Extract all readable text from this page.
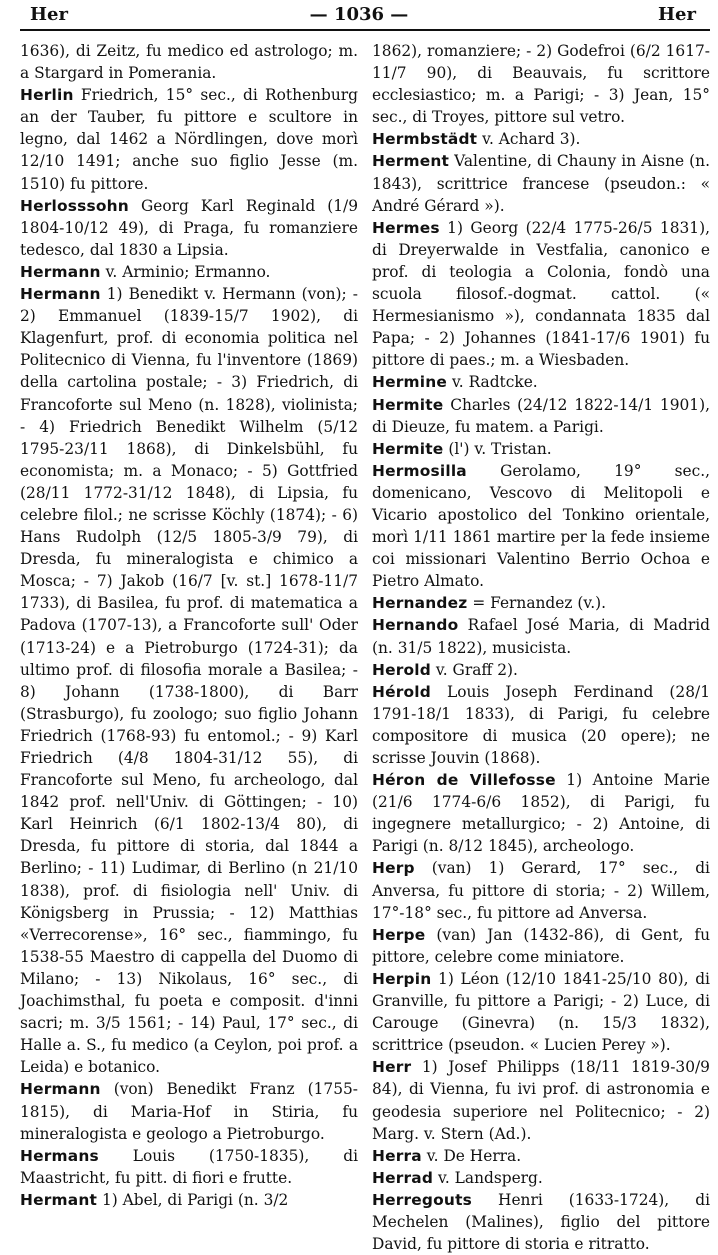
Her	— 1036 —	Her

1636), di Zeitz, fu medico ed astrologo; m. a Stargard in Pomerania.

Herlin Friedrich, 15° sec., di Rothenburg an der Tauber, fu pittore e scultore in legno, dal 1462 a Nördlingen, dove morì 12/10 1491; anche suo figlio Jesse (m. 1510) fu pittore.

Herlosssohn Georg Karl Reginald (1/9 1804-10/12 49), di Praga, fu romanziere tedesco, dal 1830 a Lipsia.

Hermann v. Arminio; Ermanno.

Hermann 1) Benedikt v. Hermann (von); - 2) Emmanuel (1839-15/7 1902), di Klagenfurt, prof. di economia politica nel Politecnico di Vienna, fu l'inventore (1869) della cartolina postale; - 3) Friedrich, di Francoforte sul Meno (n. 1828), violinista; - 4) Friedrich Benedikt Wilhelm (5/12 1795-23/11 1868), di Dinkelsbühl, fu economista; m. a Monaco; - 5) Gottfried (28/11 1772-31/12 1848), di Lipsia, fu celebre filol.; ne scrisse Köchly (1874); - 6) Hans Rudolph (12/5 1805-3/9 79), di Dresda, fu mineralogista e chimico a Mosca; - 7) Jakob (16/7 [v. st.] 1678-11/7 1733), di Basilea, fu prof. di matematica a Padova (1707-13), a Francoforte sull' Oder (1713-24) e a Pietroburgo (1724-31); da ultimo prof. di filosofia morale a Basilea; - 8) Johann (1738-1800), di Barr (Strasburgo), fu zoologo; suo figlio Johann Friedrich (1768-93) fu entomol.; - 9) Karl Friedrich (4/8 1804-31/12 55), di Francoforte sul Meno, fu archeologo, dal 1842 prof. nell'Univ. di Göttingen; - 10) Karl Heinrich (6/1 1802-13/4 80), di Dresda, fu pittore di storia, dal 1844 a Berlino; - 11) Ludimar, di Berlino (n 21/10 1838), prof. di fisiologia nell' Univ. di Königsberg in Prussia; - 12) Matthias «Verrecorense», 16° sec., fiammingo, fu 1538-55 Maestro di cappella del Duomo di Milano; - 13) Nikolaus, 16° sec., di Joachimsthal, fu poeta e composit. d'inni sacri; m. 3/5 1561; - 14) Paul, 17° sec., di Halle a. S., fu medico (a Ceylon, poi prof. a Leida) e botanico.

Hermann (von) Benedikt Franz (1755-1815), di Maria-Hof in Stiria, fu mineralogista e geologo a Pietroburgo.

Hermans Louis (1750-1835), di Maastricht, fu pitt. di fiori e frutte.

Hermant 1) Abel, di Parigi (n. 3/2

1862), romanziere; - 2) Godefroi (6/2 1617-11/7 90), di Beauvais, fu scrittore ecclesiastico; m. a Parigi; - 3) Jean, 15° sec., di Troyes, pittore sul vetro.

Hermbstädt v. Achard 3).

Herment Valentine, di Chauny in Aisne (n. 1843), scrittrice francese (pseudon.: « André Gérard »).

Hermes 1) Georg (22/4 1775-26/5 1831), di Dreyerwalde in Vestfalia, canonico e prof. di teologia a Colonia, fondò una scuola filosof.-dogmat. cattol. (« Hermesianismo »), condannata 1835 dal Papa; - 2) Johannes (1841-17/6 1901) fu pittore di paes.; m. a Wiesbaden.

Hermine v. Radtcke.

Hermite Charles (24/12 1822-14/1 1901), di Dieuze, fu matem. a Parigi.

Hermite (l') v. Tristan.

Hermosilla Gerolamo, 19° sec., domenicano, Vescovo di Melitopoli e Vicario apostolico del Tonkino orientale, morì 1/11 1861 martire per la fede insieme coi missionari Valentino Berrio Ochoa e Pietro Almato.

Hernandez = Fernandez (v.).

Hernando Rafael José Maria, di Madrid (n. 31/5 1822), musicista.

Herold v. Graff 2).

Hérold Louis Joseph Ferdinand (28/1 1791-18/1 1833), di Parigi, fu celebre compositore di musica (20 opere); ne scrisse Jouvin (1868).

Héron de Villefosse 1) Antoine Marie (21/6 1774-6/6 1852), di Parigi, fu ingegnere metallurgico; - 2) Antoine, di Parigi (n. 8/12 1845), archeologo.

Herp (van) 1) Gerard, 17° sec., di Anversa, fu pittore di storia; - 2) Willem, 17°-18° sec., fu pittore ad Anversa.

Herpe (van) Jan (1432-86), di Gent, fu pittore, celebre come miniatore.

Herpin 1) Léon (12/10 1841-25/10 80), di Granville, fu pittore a Parigi; - 2) Luce, di Carouge (Ginevra) (n. 15/3 1832), scrittrice (pseudon. « Lucien Perey »).

Herr 1) Josef Philipps (18/11 1819-30/9 84), di Vienna, fu ivi prof. di astronomia e geodesia superiore nel Politecnico; - 2) Marg. v. Stern (Ad.).

Herra v. De Herra.

Herrad v. Landsperg.

Herregouts Henri (1633-1724), di Mechelen (Malines), figlio del pittore David, fu pittore di storia e ritratto.
